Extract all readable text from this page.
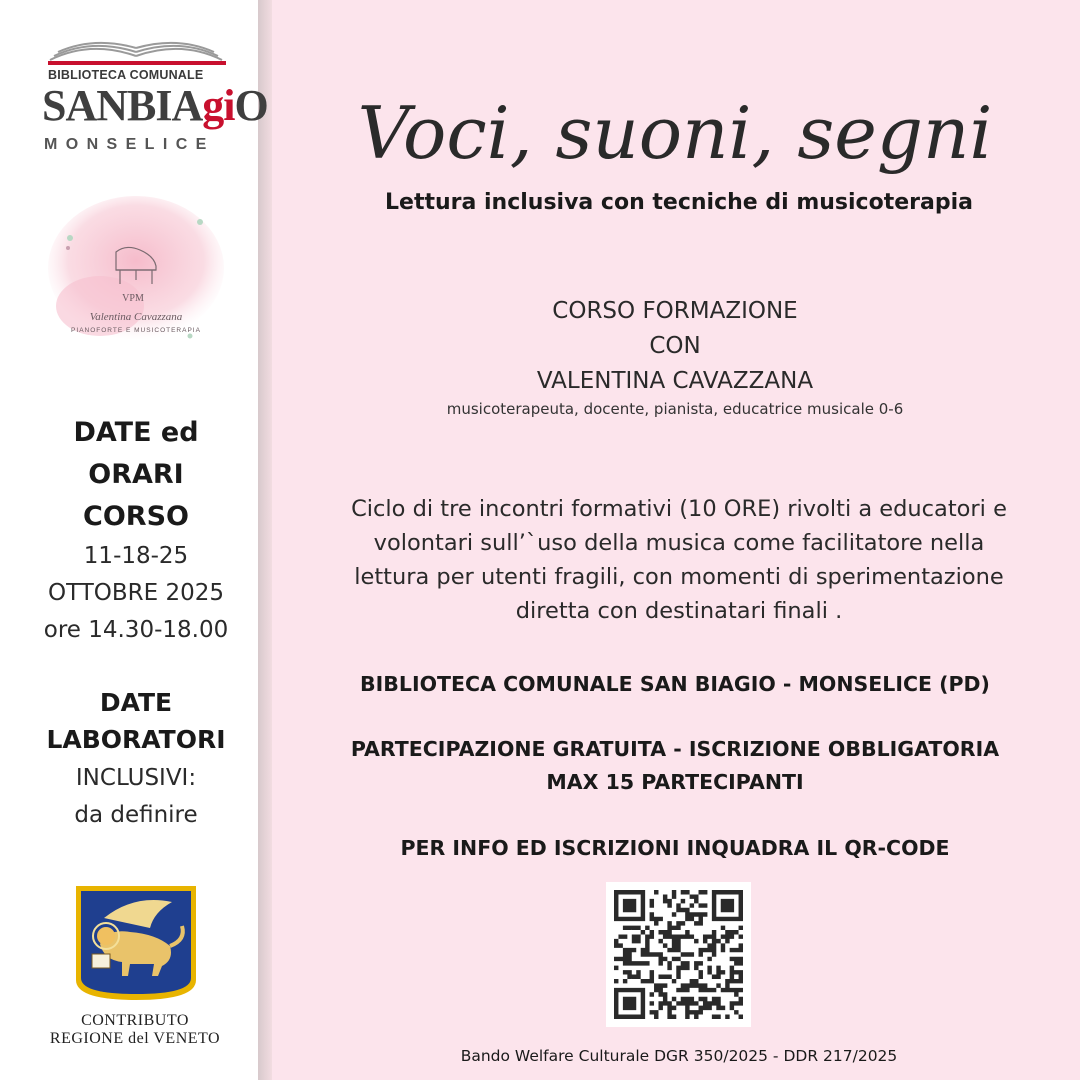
BIBLIOTECA COMUNALE
SANBIAgiO
MONSELICE
VPM
Valentina Cavazzana
PIANOFORTE E MUSICOTERAPIA
DATE ed
ORARI
CORSO
11-18-25
OTTOBRE 2025
ore 14.30-18.00
DATE
LABORATORI
INCLUSIVI:
da definire
CONTRIBUTO
REGIONE del VENETO
Voci, suoni, segni
Lettura inclusiva con tecniche di musicoterapia
CORSO FORMAZIONE
CON
VALENTINA CAVAZZANA
musicoterapeuta, docente, pianista, educatrice musicale 0-6
Ciclo di tre incontri formativi (10 ORE) rivolti a educatori e
volontari sull’`uso della musica come facilitatore nella
lettura per utenti fragili, con momenti di sperimentazione
diretta con destinatari finali .
BIBLIOTECA COMUNALE SAN BIAGIO - MONSELICE (PD)
PARTECIPAZIONE GRATUITA - ISCRIZIONE OBBLIGATORIA
MAX 15 PARTECIPANTI
PER INFO ED ISCRIZIONI INQUADRA IL QR-CODE
Bando Welfare Culturale DGR 350/2025 - DDR 217/2025
